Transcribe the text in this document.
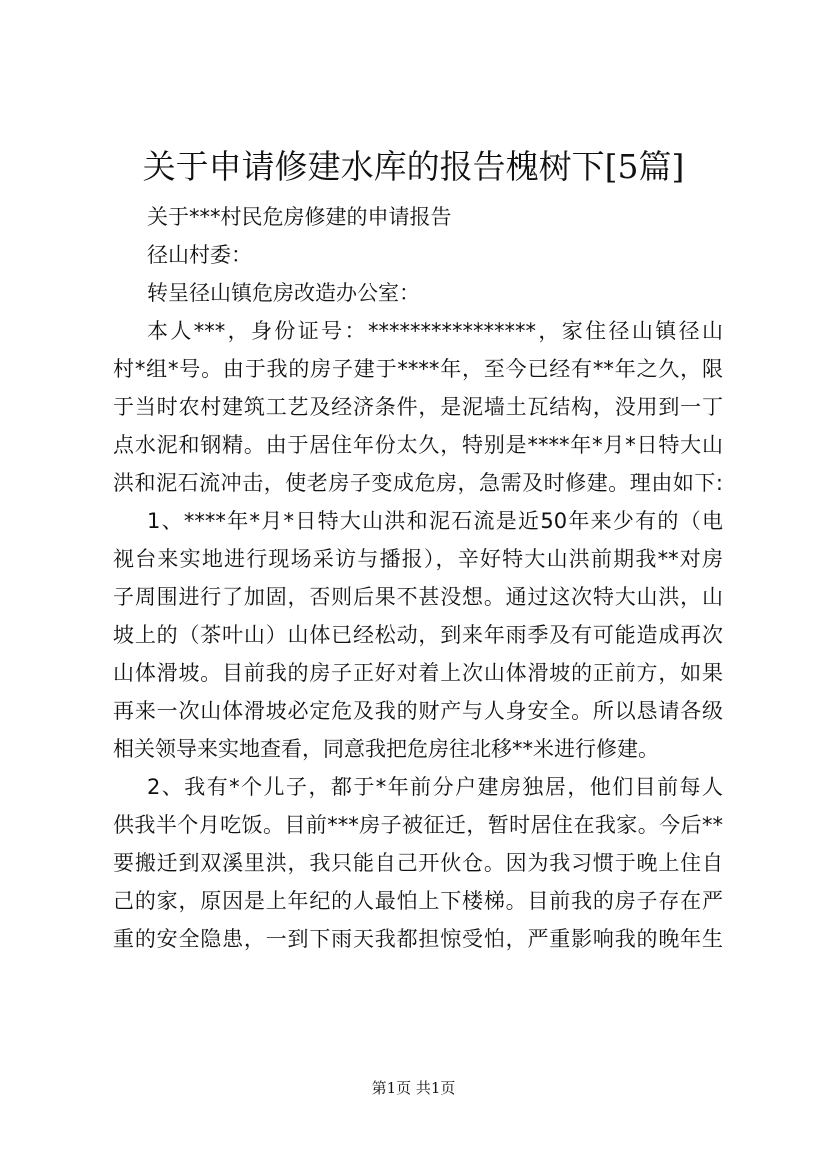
关于申请修建水库的报告槐树下[5篇]
关于***村民危房修建的申请报告
径山村委：
转呈径山镇危房改造办公室：
本人***，身份证号：****************，家住径山镇径山
村*组*号。由于我的房子建于****年，至今已经有**年之久，限
于当时农村建筑工艺及经济条件，是泥墙土瓦结构，没用到一丁
点水泥和钢精。由于居住年份太久，特别是****年*月*日特大山
洪和泥石流冲击，使老房子变成危房，急需及时修建。理由如下:
1、****年*月*日特大山洪和泥石流是近50年来少有的（电
视台来实地进行现场采访与播报），辛好特大山洪前期我**对房
子周围进行了加固，否则后果不甚没想。通过这次特大山洪，山
坡上的（茶叶山）山体已经松动，到来年雨季及有可能造成再次
山体滑坡。目前我的房子正好对着上次山体滑坡的正前方，如果
再来一次山体滑坡必定危及我的财产与人身安全。所以恳请各级
相关领导来实地查看，同意我把危房往北移**米进行修建。
2、我有*个儿子，都于*年前分户建房独居，他们目前每人
供我半个月吃饭。目前***房子被征迁，暂时居住在我家。今后**
要搬迁到双溪里洪，我只能自己开伙仓。因为我习惯于晚上住自
己的家，原因是上年纪的人最怕上下楼梯。目前我的房子存在严
重的安全隐患，一到下雨天我都担惊受怕，严重影响我的晚年生
第1页 共1页
